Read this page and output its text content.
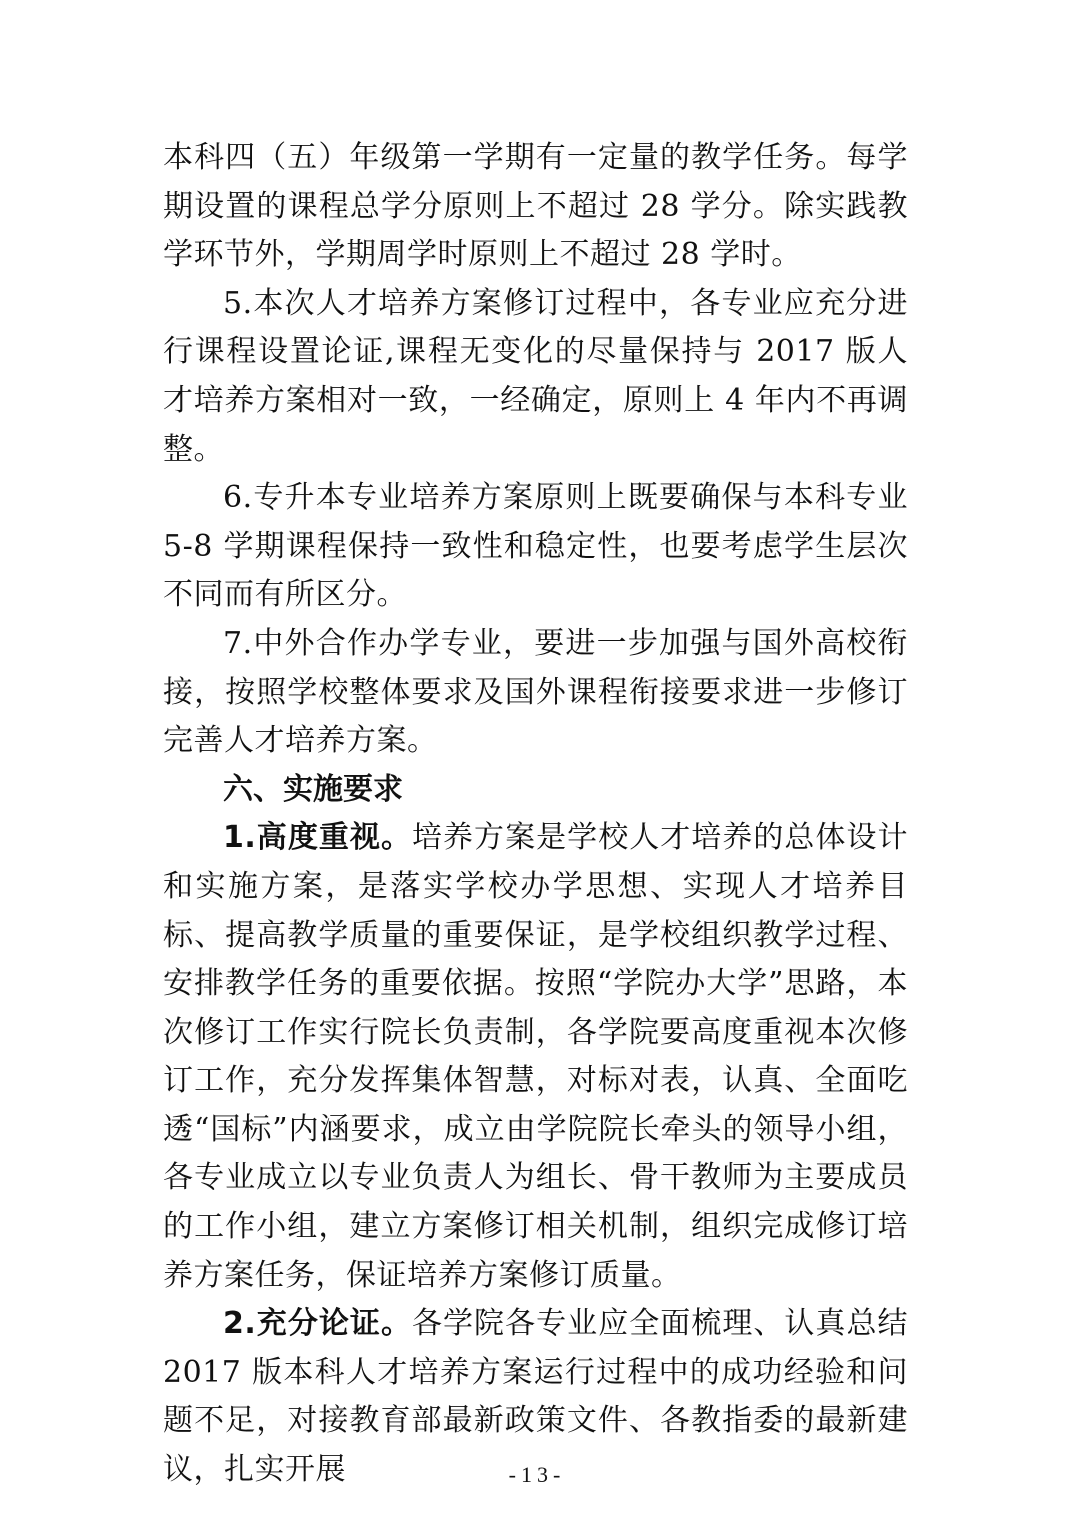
本科四（五）年级第一学期有一定量的教学任务。每学期设置的课程总学分原则上不超过 28 学分。除实践教学环节外，学期周学时原则上不超过 28 学时。

5.本次人才培养方案修订过程中，各专业应充分进行课程设置论证,课程无变化的尽量保持与 2017 版人才培养方案相对一致，一经确定，原则上 4 年内不再调整。

6.专升本专业培养方案原则上既要确保与本科专业 5-8 学期课程保持一致性和稳定性，也要考虑学生层次不同而有所区分。

7.中外合作办学专业，要进一步加强与国外高校衔接，按照学校整体要求及国外课程衔接要求进一步修订完善人才培养方案。

六、实施要求

1.高度重视。培养方案是学校人才培养的总体设计和实施方案，是落实学校办学思想、实现人才培养目标、提高教学质量的重要保证，是学校组织教学过程、安排教学任务的重要依据。按照“学院办大学”思路，本次修订工作实行院长负责制，各学院要高度重视本次修订工作，充分发挥集体智慧，对标对表，认真、全面吃透“国标”内涵要求，成立由学院院长牵头的领导小组，各专业成立以专业负责人为组长、骨干教师为主要成员的工作小组，建立方案修订相关机制，组织完成修订培养方案任务，保证培养方案修订质量。

2.充分论证。各学院各专业应全面梳理、认真总结 2017 版本科人才培养方案运行过程中的成功经验和问题不足，对接教育部最新政策文件、各教指委的最新建议，扎实开展	-13-
